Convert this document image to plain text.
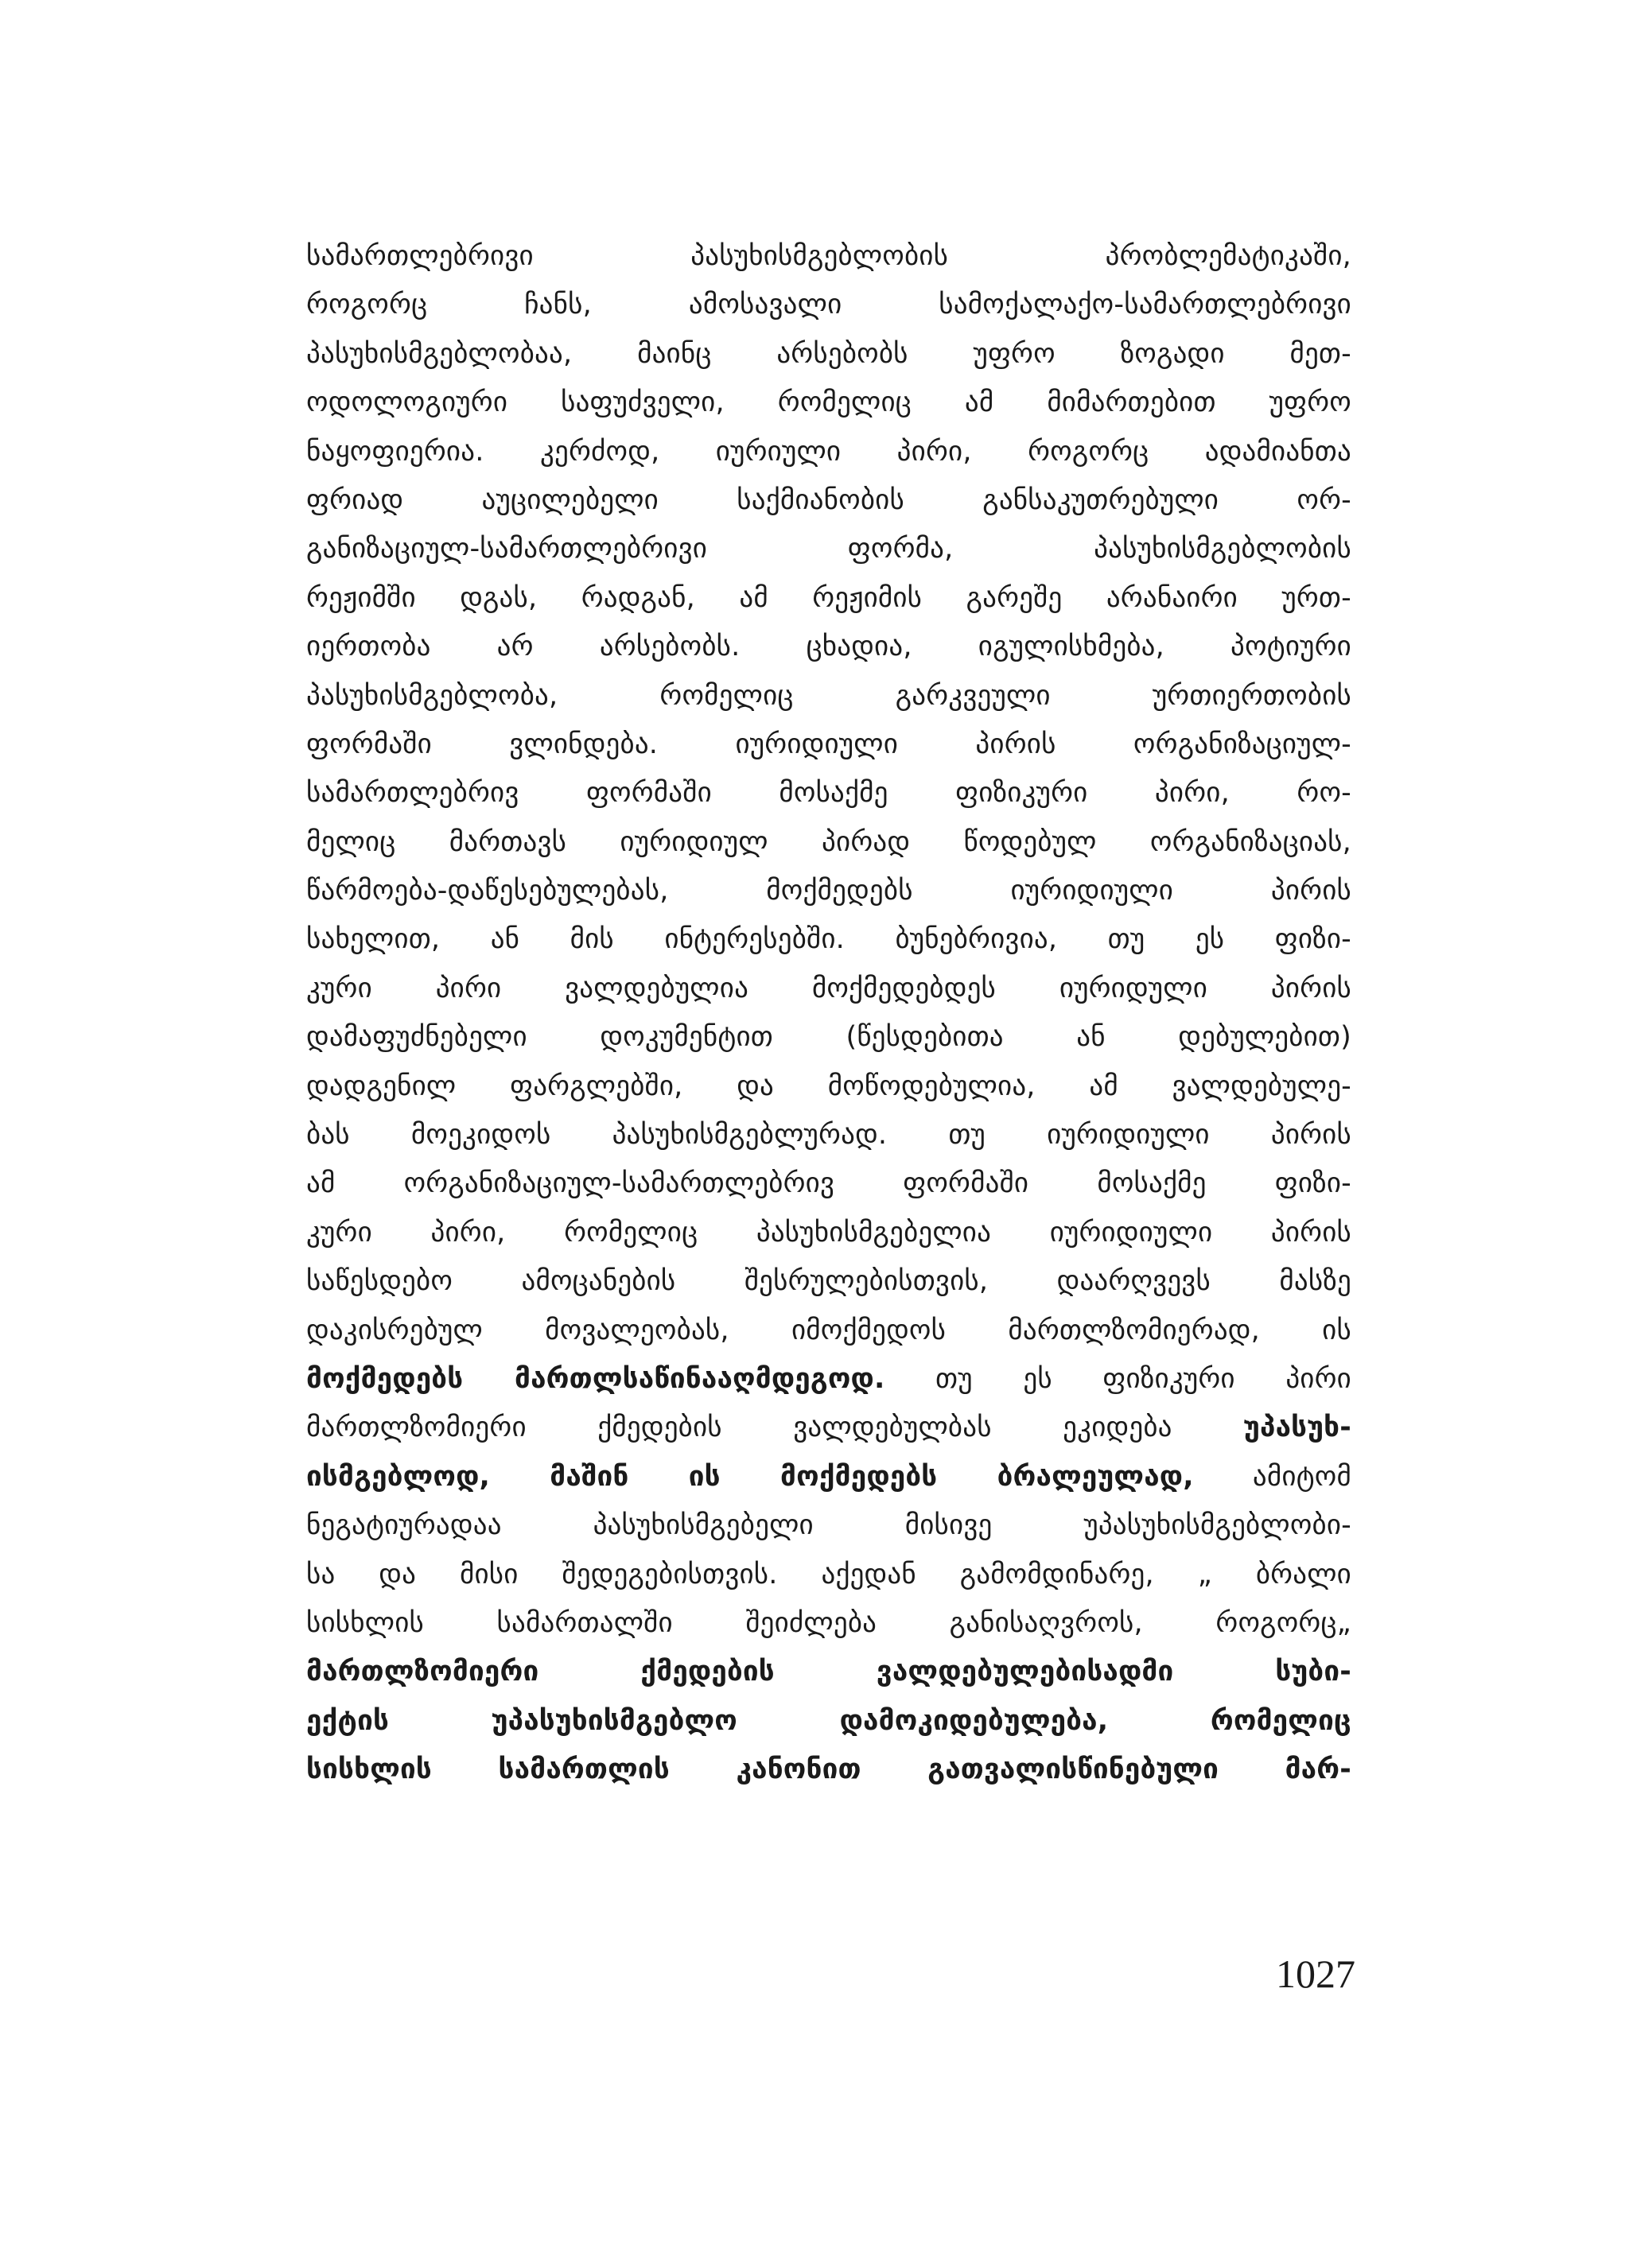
სამართლებრივი პასუხისმგებლობის პრობლემატიკაში,
როგორც ჩანს, ამოსავალი სამოქალაქო-სამართლებრივი
პასუხისმგებლობაა, მაინც არსებობს უფრო ზოგადი მეთ-
ოდოლოგიური საფუძველი, რომელიც ამ მიმართებით უფრო
ნაყოფიერია. კერძოდ, იურიული პირი, როგორც ადამიანთა
ფრიად აუცილებელი საქმიანობის განსაკუთრებული ორ-
განიზაციულ-სამართლებრივი ფორმა, პასუხისმგებლობის
რეჟიმში დგას, რადგან, ამ რეჟიმის გარეშე არანაირი ურთ-
იერთობა არ არსებობს. ცხადია, იგულისხმება, პოტიური
პასუხისმგებლობა, რომელიც გარკვეული ურთიერთობის
ფორმაში ვლინდება. იურიდიული პირის ორგანიზაციულ-
სამართლებრივ ფორმაში მოსაქმე ფიზიკური პირი, რო-
მელიც მართავს იურიდიულ პირად წოდებულ ორგანიზაციას,
წარმოება-დაწესებულებას, მოქმედებს იურიდიული პირის
სახელით, ან მის ინტერესებში. ბუნებრივია, თუ ეს ფიზი-
კური პირი ვალდებულია მოქმედებდეს იურიდული პირის
დამაფუძნებელი დოკუმენტით (წესდებითა ან დებულებით)
დადგენილ ფარგლებში, და მოწოდებულია, ამ ვალდებულე-
ბას მოეკიდოს პასუხისმგებლურად. თუ იურიდიული პირის
ამ ორგანიზაციულ-სამართლებრივ ფორმაში მოსაქმე ფიზი-
კური პირი, რომელიც პასუხისმგებელია იურიდიული პირის
საწესდებო ამოცანების შესრულებისთვის, დაარღვევს მასზე
დაკისრებულ მოვალეობას, იმოქმედოს მართლზომიერად, ის
მოქმედებს მართლსაწინააღმდეგოდ. თუ ეს ფიზიკური პირი
მართლზომიერი ქმედების ვალდებულბას ეკიდება უპასუხ-
ისმგებლოდ, მაშინ ის მოქმედებს ბრალეულად, ამიტომ
ნეგატიურადაა პასუხისმგებელი მისივე უპასუხისმგებლობი-
სა და მისი შედეგებისთვის. აქედან გამომდინარე, „ ბრალი
სისხლის სამართალში შეიძლება განისაღვროს, როგორც„
მართლზომიერი ქმედების ვალდებულებისადმი სუბი-
ექტის უპასუხისმგებლო დამოკიდებულება, რომელიც
სისხლის სამართლის კანონით გათვალისწინებული მარ-
1027
